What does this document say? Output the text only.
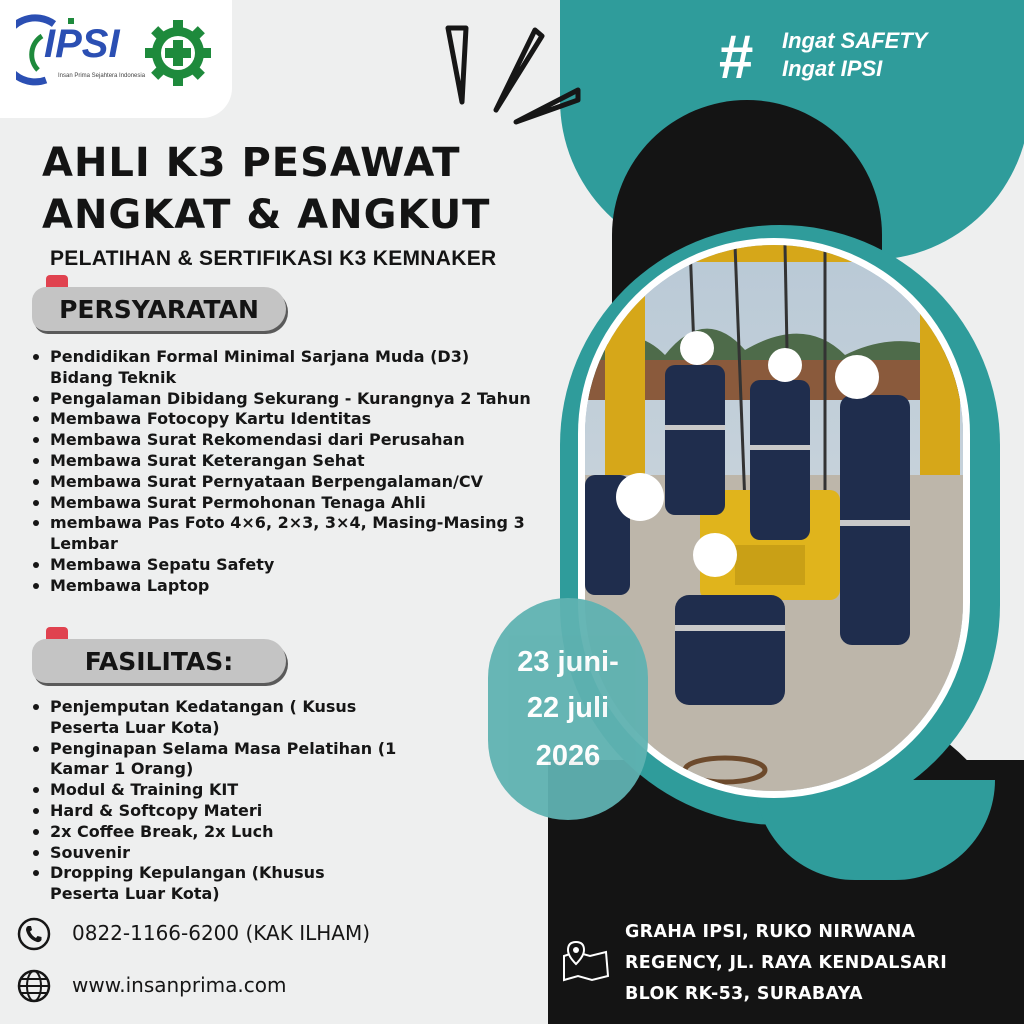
23 juni-
22 juli
2026
IPSI
Insan Prima Sejahtera Indonesia	# Ingat SAFETY
Ingat IPSI
AHLI K3 PESAWAT
ANGKAT & ANGKUT
PELATIHAN & SERTIFIKASI K3 KEMNAKER
PERSYARATAN
Pendidikan Formal Minimal Sarjana Muda (D3) Bidang Teknik
Pengalaman Dibidang Sekurang - Kurangnya 2 Tahun
Membawa Fotocopy Kartu Identitas
Membawa Surat Rekomendasi dari Perusahan
Membawa Surat Keterangan Sehat
Membawa Surat Pernyataan Berpengalaman/CV
Membawa Surat Permohonan Tenaga Ahli
membawa Pas Foto 4×6, 2×3, 3×4, Masing-Masing 3 Lembar
Membawa Sepatu Safety
Membawa Laptop
FASILITAS:
Penjemputan Kedatangan ( Kusus Peserta Luar Kota)
Penginapan Selama Masa Pelatihan (1 Kamar 1 Orang)
Modul & Training KIT
Hard & Softcopy Materi
2x Coffee Break, 2x Luch
Souvenir
Dropping Kepulangan (Khusus Peserta Luar Kota)
0822-1166-6200 (KAK ILHAM)
www.insanprima.com
GRAHA IPSI, RUKO NIRWANA
REGENCY, JL. RAYA KENDALSARI
BLOK RK-53, SURABAYA
